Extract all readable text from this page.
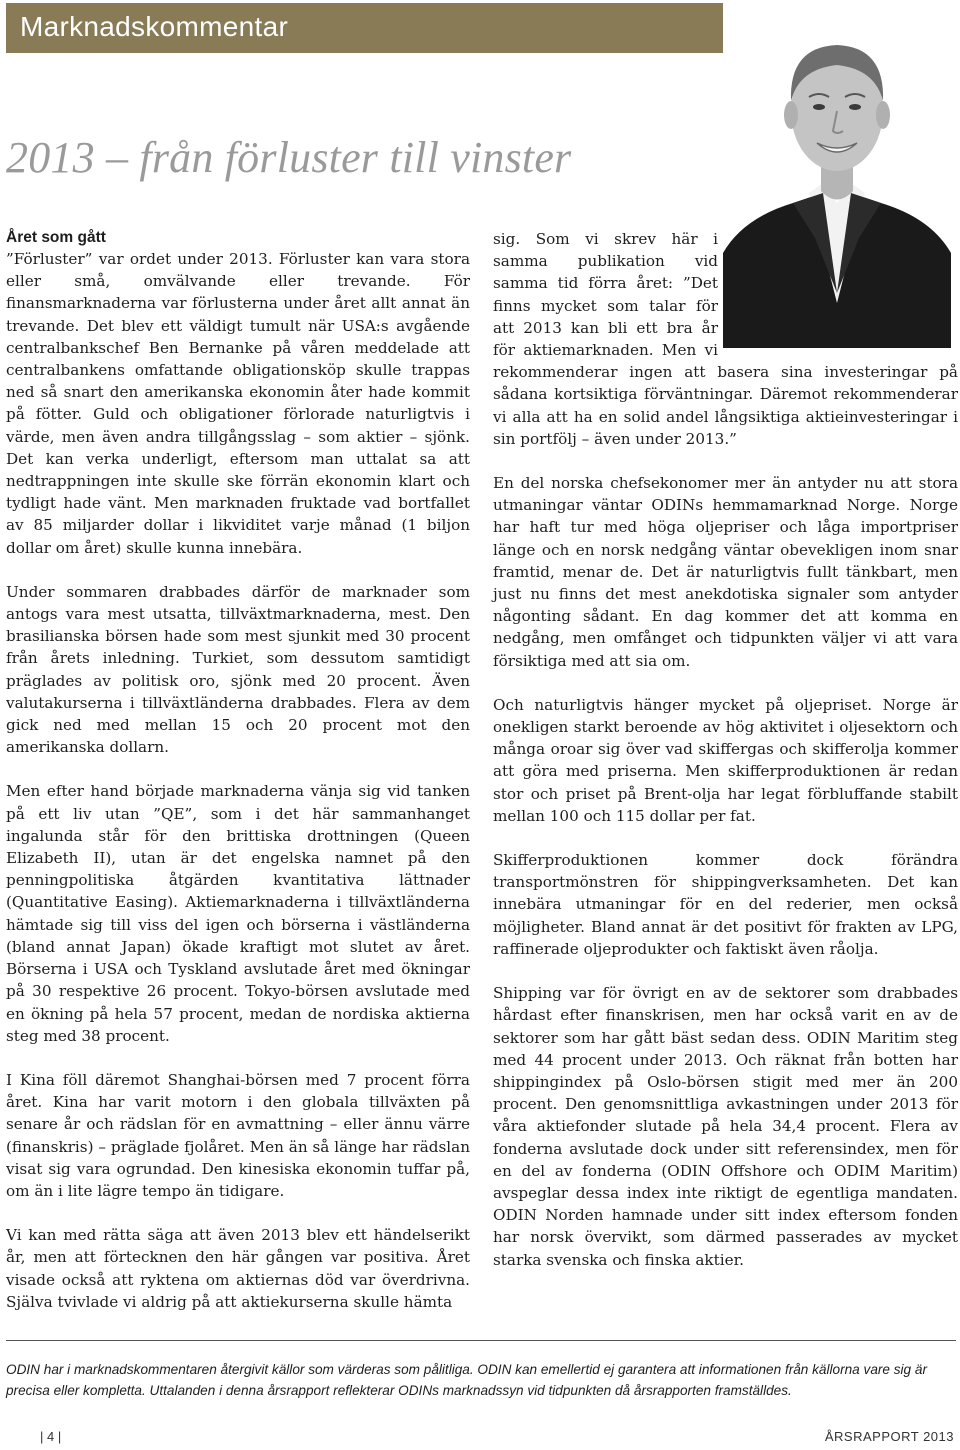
Marknadskommentar
2013 – från förluster till vinster
Året som gått

”Förluster” var ordet under 2013. Förluster kan vara stora eller små, omvälvande eller trevande. För finansmarknaderna var förlusterna under året allt annat än trevande. Det blev ett väldigt tumult när USA:s avgående centralbankschef Ben Bernanke på våren meddelade att centralbankens omfattande obligationsköp skulle trappas ned så snart den amerikanska ekonomin åter hade kommit på fötter. Guld och obligationer förlorade naturligtvis i värde, men även andra tillgångsslag – som aktier – sjönk. Det kan verka underligt, eftersom man uttalat sa att nedtrappningen inte skulle ske förrän ekonomin klart och tydligt hade vänt. Men marknaden fruktade vad bortfallet av 85 miljarder dollar i likviditet varje månad (1 biljon dollar om året) skulle kunna innebära.

Under sommaren drabbades därför de marknader som antogs vara mest utsatta, tillväxtmarknaderna, mest. Den brasilianska börsen hade som mest sjunkit med 30 procent från årets inledning. Turkiet, som dessutom samtidigt präglades av politisk oro, sjönk med 20 procent. Även valutakurserna i tillväxtländerna drabbades. Flera av dem gick ned med mellan 15 och 20 procent mot den amerikanska dollarn.

Men efter hand började marknaderna vänja sig vid tanken på ett liv utan ”QE”, som i det här sammanhanget ingalunda står för den brittiska drottningen (Queen Elizabeth II), utan är det engelska namnet på den penningpolitiska åtgärden kvantitativa lättnader (Quantitative Easing). Aktiemarknaderna i tillväxtländerna hämtade sig till viss del igen och börserna i västländerna (bland annat Japan) ökade kraftigt mot slutet av året. Börserna i USA och Tyskland avslutade året med ökningar på 30 respektive 26 procent. Tokyo-börsen avslutade med en ökning på hela 57 procent, medan de nordiska aktierna steg med 38 procent.

I Kina föll däremot Shanghai-börsen med 7 procent förra året. Kina har varit motorn i den globala tillväxten på senare år och rädslan för en avmattning – eller ännu värre (finanskris) – präglade fjolåret. Men än så länge har rädslan visat sig vara ogrundad. Den kinesiska ekonomin tuffar på, om än i lite lägre tempo än tidigare.

Vi kan med rätta säga att även 2013 blev ett händelserikt år, men att förtecknen den här gången var positiva. Året visade också att ryktena om aktiernas död var överdrivna. Själva tvivlade vi aldrig på att aktiekurserna skulle hämta

sig. Som vi skrev här i samma publikation vid samma tid förra året: ”Det finns mycket som talar för att 2013 kan bli ett bra år för aktiemarknaden. Men vi rekommenderar ingen att basera sina investeringar på sådana kortsiktiga förväntningar. Däremot rekommenderar vi alla att ha en solid andel långsiktiga aktieinvesteringar i sin portfölj – även under 2013.”

En del norska chefsekonomer mer än antyder nu att stora utmaningar väntar ODINs hemmamarknad Norge. Norge har haft tur med höga oljepriser och låga importpriser länge och en norsk nedgång väntar obevekligen inom snar framtid, menar de. Det är naturligtvis fullt tänkbart, men just nu finns det mest anekdotiska signaler som antyder någonting sådant. En dag kommer det att komma en nedgång, men omfånget och tidpunkten väljer vi att vara försiktiga med att sia om.

Och naturligtvis hänger mycket på oljepriset. Norge är onekligen starkt beroende av hög aktivitet i oljesektorn och många oroar sig över vad skiffergas och skifferolja kommer att göra med priserna. Men skifferproduktionen är redan stor och priset på Brent-olja har legat förbluffande stabilt mellan 100 och 115 dollar per fat.

Skifferproduktionen kommer dock förändra transportmönstren för shippingverksamheten. Det kan innebära utmaningar för en del rederier, men också möjligheter. Bland annat är det positivt för frakten av LPG, raffinerade oljeprodukter och faktiskt även råolja.

Shipping var för övrigt en av de sektorer som drabbades hårdast efter finanskrisen, men har också varit en av de sektorer som har gått bäst sedan dess. ODIN Maritim steg med 44 procent under 2013. Och räknat från botten har shippingindex på Oslo-börsen stigit med mer än 200 procent. Den genomsnittliga avkastningen under 2013 för våra aktiefonder slutade på hela 34,4 procent. Flera av fonderna avslutade dock under sitt referensindex, men för en del av fonderna (ODIN Offshore och ODIM Maritim) avspeglar dessa index inte riktigt de egentliga mandaten. ODIN Norden hamnade under sitt index eftersom fonden har norsk övervikt, som därmed passerades av mycket starka svenska och finska aktier.

ODIN har i marknadskommentaren återgivit källor som värderas som pålitliga. ODIN kan emellertid ej garantera att informationen från källorna vare sig är precisa eller kompletta. Uttalanden i denna årsrapport reflekterar ODINs marknadssyn vid tidpunkten då årsrapporten framställdes.
| 4 |	ÅRSRAPPORT 2013
